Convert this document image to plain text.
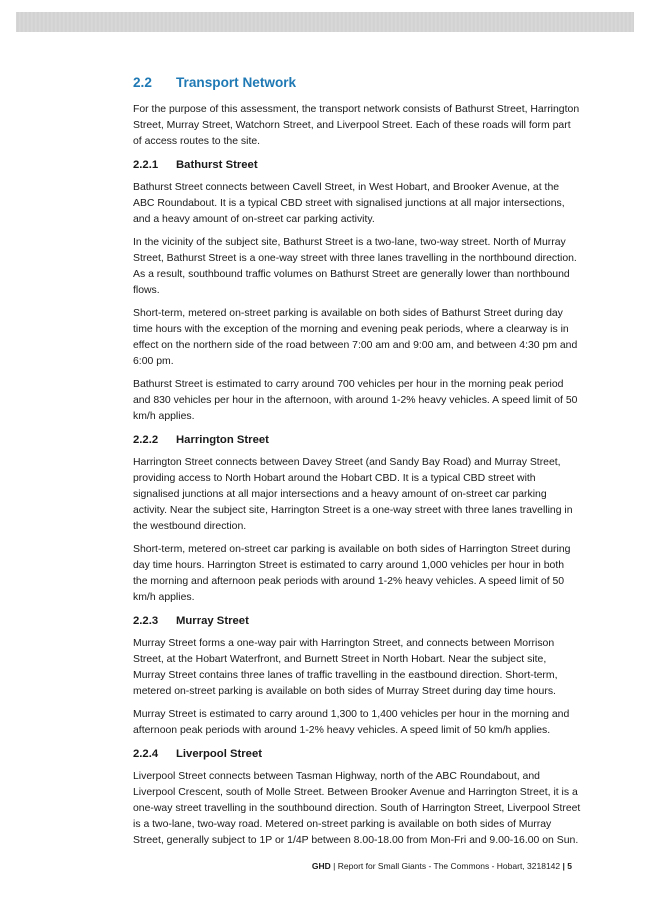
2.2	Transport Network

For the purpose of this assessment, the transport network consists of Bathurst Street, Harrington Street, Murray Street, Watchorn Street, and Liverpool Street. Each of these roads will form part of access routes to the site.

2.2.1	Bathurst Street

Bathurst Street connects between Cavell Street, in West Hobart, and Brooker Avenue, at the ABC Roundabout. It is a typical CBD street with signalised junctions at all major intersections, and a heavy amount of on-street car parking activity.

In the vicinity of the subject site, Bathurst Street is a two-lane, two-way street. North of Murray Street, Bathurst Street is a one-way street with three lanes travelling in the northbound direction. As a result, southbound traffic volumes on Bathurst Street are generally lower than northbound flows.

Short-term, metered on-street parking is available on both sides of Bathurst Street during day time hours with the exception of the morning and evening peak periods, where a clearway is in effect on the northern side of the road between 7:00 am and 9:00 am, and between 4:30 pm and 6:00 pm.

Bathurst Street is estimated to carry around 700 vehicles per hour in the morning peak period and 830 vehicles per hour in the afternoon, with around 1-2% heavy vehicles. A speed limit of 50 km/h applies.

2.2.2	Harrington Street

Harrington Street connects between Davey Street (and Sandy Bay Road) and Murray Street, providing access to North Hobart around the Hobart CBD. It is a typical CBD street with signalised junctions at all major intersections and a heavy amount of on-street car parking activity. Near the subject site, Harrington Street is a one-way street with three lanes travelling in the westbound direction.

Short-term, metered on-street car parking is available on both sides of Harrington Street during day time hours. Harrington Street is estimated to carry around 1,000 vehicles per hour in both the morning and afternoon peak periods with around 1-2% heavy vehicles. A speed limit of 50 km/h applies.

2.2.3	Murray Street

Murray Street forms a one-way pair with Harrington Street, and connects between Morrison Street, at the Hobart Waterfront, and Burnett Street in North Hobart. Near the subject site, Murray Street contains three lanes of traffic travelling in the eastbound direction. Short-term, metered on-street parking is available on both sides of Murray Street during day time hours.

Murray Street is estimated to carry around 1,300 to 1,400 vehicles per hour in the morning and afternoon peak periods with around 1-2% heavy vehicles. A speed limit of 50 km/h applies.

2.2.4	Liverpool Street

Liverpool Street connects between Tasman Highway, north of the ABC Roundabout, and Liverpool Crescent, south of Molle Street. Between Brooker Avenue and Harrington Street, it is a one-way street travelling in the southbound direction. South of Harrington Street, Liverpool Street is a two-lane, two-way road. Metered on-street parking is available on both sides of Murray Street, generally subject to 1P or 1/4P between 8.00-18.00 from Mon-Fri and 9.00-16.00 on Sun.

GHD | Report for Small Giants - The Commons - Hobart, 3218142 | 5
